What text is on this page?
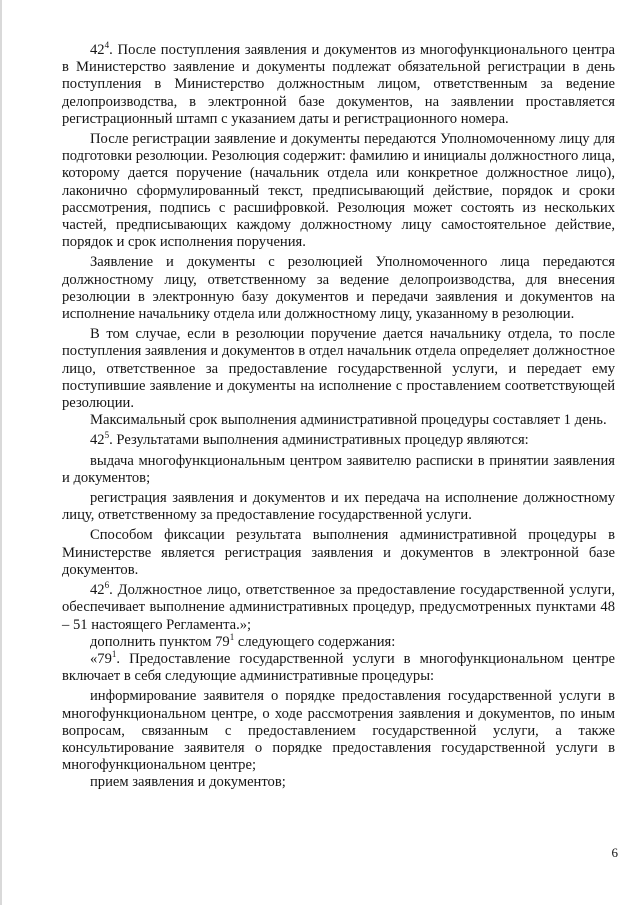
$42^4$. После поступления заявления и документов из многофункционального центра в Министерство заявление и документы подлежат обязательной регистрации в день поступления в Министерство должностным лицом, ответственным за ведение делопроизводства, в электронной базе документов, на заявлении проставляется регистрационный штамп с указанием даты и регистрационного номера.

После регистрации заявление и документы передаются Уполномоченному лицу для подготовки резолюции. Резолюция содержит: фамилию и инициалы должностного лица, которому дается поручение (начальник отдела или конкретное должностное лицо), лаконично сформулированный текст, предписывающий действие, порядок и сроки рассмотрения, подпись с расшифровкой. Резолюция может состоять из нескольких частей, предписывающих каждому должностному лицу самостоятельное действие, порядок и срок исполнения поручения.

Заявление и документы с резолюцией Уполномоченного лица передаются должностному лицу, ответственному за ведение делопроизводства, для внесения резолюции в электронную базу документов и передачи заявления и документов на исполнение начальнику отдела или должностному лицу, указанному в резолюции.

В том случае, если в резолюции поручение дается начальнику отдела, то после поступления заявления и документов в отдел начальник отдела определяет должностное лицо, ответственное за предоставление государственной услуги, и передает ему поступившие заявление и документы на исполнение с проставлением соответствующей резолюции.

Максимальный срок выполнения административной процедуры составляет 1 день.

$42^5$. Результатами выполнения административных процедур являются:

выдача многофункциональным центром заявителю расписки в принятии заявления и документов;

регистрация заявления и документов и их передача на исполнение должностному лицу, ответственному за предоставление государственной услуги.

Способом фиксации результата выполнения административной процедуры в Министерстве является регистрация заявления и документов в электронной базе документов.

$42^6$. Должностное лицо, ответственное за предоставление государственной услуги, обеспечивает выполнение административных процедур, предусмотренных пунктами 48 – 51 настоящего Регламента.»;

дополнить пунктом $79^1$ следующего содержания:

«$79^1$. Предоставление государственной услуги в многофункциональном центре включает в себя следующие административные процедуры:

информирование заявителя о порядке предоставления государственной услуги в многофункциональном центре, о ходе рассмотрения заявления и документов, по иным вопросам, связанным с предоставлением государственной услуги, а также консультирование заявителя о порядке предоставления государственной услуги в многофункциональном центре;

прием заявления и документов;

6
